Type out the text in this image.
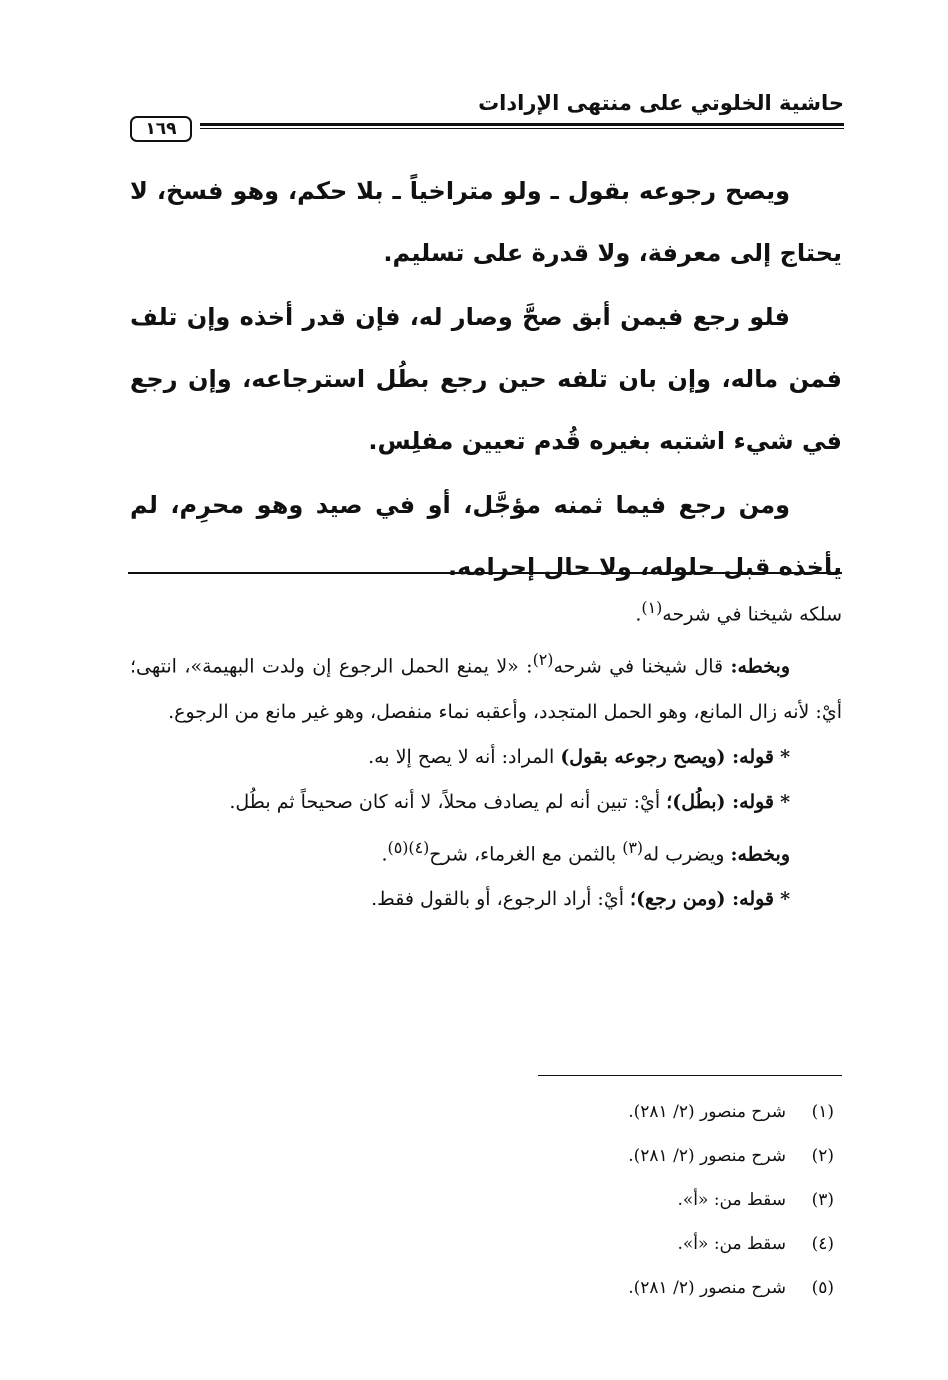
حاشية الخلوتي على منتهى الإرادات
١٦٩

ويصح رجوعه بقول ـ ولو متراخياً ـ بلا حكم، وهو فسخ، لا يحتاج إلى معرفة، ولا قدرة على تسليم.

فلو رجع فيمن أبق صحَّ وصار له، فإن قدر أخذه وإن تلف فمن ماله، وإن بان تلفه حين رجع بطُل استرجاعه، وإن رجع في شيء اشتبه بغيره قُدم تعيين مفلِس.

ومن رجع فيما ثمنه مؤجَّل، أو في صيد وهو محرِم، لم يأخذه قبل حلوله، ولا حال إحرامه.

سلكه شيخنا في شرحه$^{(١)}$.

وبخطه: قال شيخنا في شرحه$^{(٢)}$: «لا يمنع الحمل الرجوع إن ولدت البهيمة»، انتهى؛ أيْ: لأنه زال المانع، وهو الحمل المتجدد، وأعقبه نماء منفصل، وهو غير مانع من الرجوع.

* قوله: (ويصح رجوعه بقول) المراد: أنه لا يصح إلا به.

* قوله: (بطُل)؛ أيْ: تبين أنه لم يصادف محلاً، لا أنه كان صحيحاً ثم بطُل.

وبخطه: ويضرب له$^{(٣)}$ بالثمن مع الغرماء، شرح$^{(٤)(٥)}$.

* قوله: (ومن رجع)؛ أيْ: أراد الرجوع، أو بالقول فقط.

(١)شرح منصور (٢/ ٢٨١).
(٢)شرح منصور (٢/ ٢٨١).
(٣)سقط من: «أ».
(٤)سقط من: «أ».
(٥)شرح منصور (٢/ ٢٨١).
